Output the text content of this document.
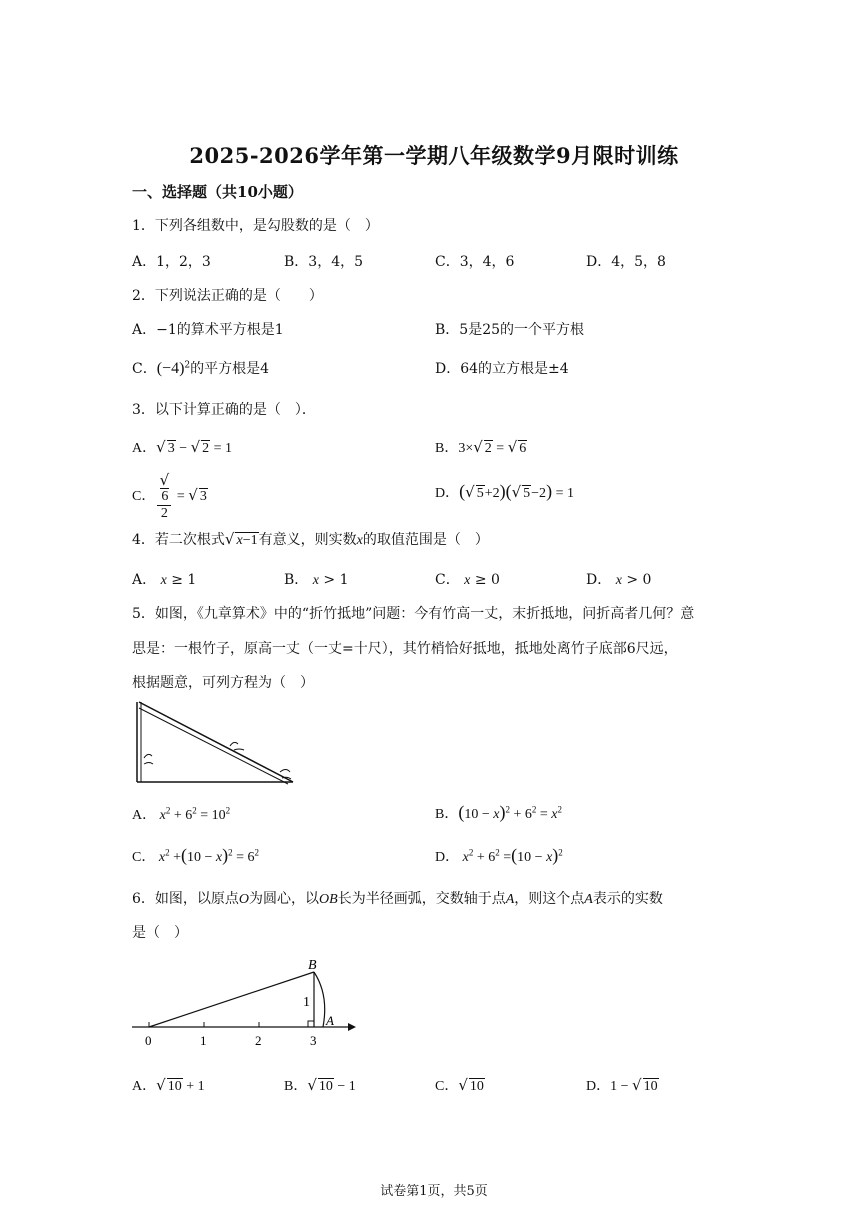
2025-2026学年第一学期八年级数学9月限时训练
一、选择题（共10小题）
1．下列各组数中，是勾股数的是（　）
A．1，2，3	B．3，4，5	C．3，4，6	D．4，5，8
2．下列说法正确的是（　　）
A．−1的算术平方根是1	B．5是25的一个平方根
C．$(-4)^2$的平方根是4	D．64的立方根是±4
3．以下计算正确的是（　）．
A．√ 3 − √ 2 = 1	B．3×√ 2 = √ 6
C． √
6
2 = √ 3	D．(√ 5+2)(√ 5−2) = 1
4．若二次根式√ x−1有意义，则实数x的取值范围是（　）
A． x ≥ 1	B． x > 1	C． x ≥ 0	D． x > 0
5．如图，《九章算术》中的“折竹抵地”问题：今有竹高一丈，末折抵地，问折高者几何？意
思是：一根竹子，原高一丈（一丈=十尺），其竹梢恰好抵地，抵地处离竹子底部6尺远，
根据题意，可列方程为（　）
A． $x^2 + 6^2 = 10^2$	B．$(10 - x)^2 + 6^2 = x^2$
C． $x^2 +(10 - x)^2 = 6^2$	D． $x^2 + 6^2 =(10 - x)^2$
6．如图，以原点O为圆心，以OB长为半径画弧，交数轴于点A，则这个点A表示的实数
是（　）
B
1
A
0	1	2	3
A．√ 10 + 1	B．√ 10 − 1	C．√ 10	D．1 − √ 10
试卷第1页，共5页
